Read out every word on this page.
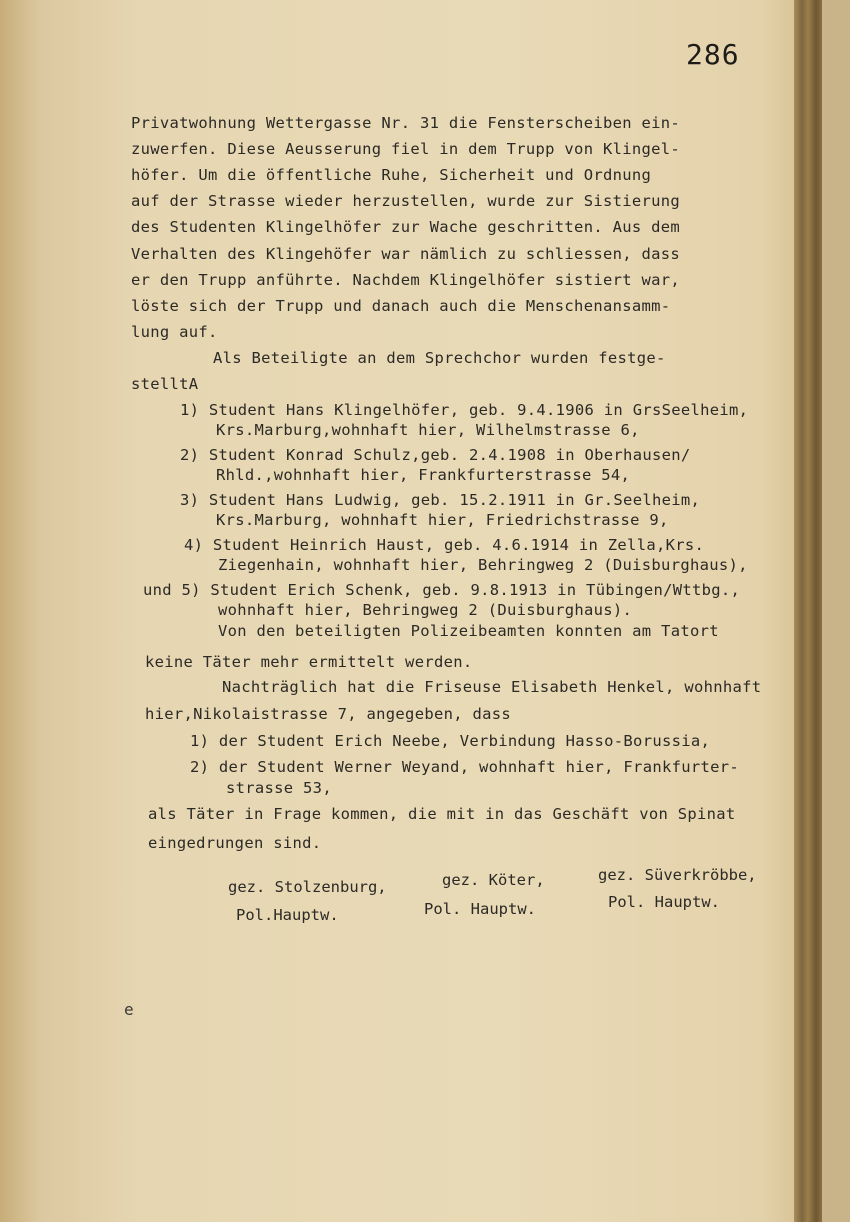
286
Privatwohnung Wettergasse Nr. 31 die Fensterscheiben ein-
zuwerfen. Diese Aeusserung fiel in dem Trupp von Klingel-
höfer. Um die öffentliche Ruhe, Sicherheit und Ordnung
auf der Strasse wieder herzustellen, wurde zur Sistierung
des Studenten Klingelhöfer zur Wache geschritten. Aus dem
Verhalten des Klingehöfer war nämlich zu schliessen, dass
er den Trupp anführte. Nachdem Klingelhöfer sistiert war,
löste sich der Trupp und danach auch die Menschenansamm-
lung auf.
Als Beteiligte an dem Sprechchor wurden festge-
stelltA
1) Student Hans Klingelhöfer, geb. 9.4.1906 in GrsSeelheim,
Krs.Marburg,wohnhaft hier, Wilhelmstrasse 6,
2) Student Konrad Schulz,geb. 2.4.1908 in Oberhausen/
Rhld.,wohnhaft hier, Frankfurterstrasse 54,
3) Student Hans Ludwig, geb. 15.2.1911 in Gr.Seelheim,
Krs.Marburg, wohnhaft hier, Friedrichstrasse 9,
4) Student Heinrich Haust, geb. 4.6.1914 in Zella,Krs.
Ziegenhain, wohnhaft hier, Behringweg 2 (Duisburghaus),
und 5) Student Erich Schenk, geb. 9.8.1913 in Tübingen/Wttbg.,
wohnhaft hier, Behringweg 2 (Duisburghaus).
Von den beteiligten Polizeibeamten konnten am Tatort
keine Täter mehr ermittelt werden.
Nachträglich hat die Friseuse Elisabeth Henkel, wohnhaft
hier,Nikolaistrasse 7, angegeben, dass
1) der Student Erich Neebe, Verbindung Hasso-Borussia,
2) der Student Werner Weyand, wohnhaft hier, Frankfurter-
strasse 53,
als Täter in Frage kommen, die mit in das Geschäft von Spinat
eingedrungen sind.
gez. Stolzenburg,
Pol.Hauptw.
gez. Köter,
Pol. Hauptw.
gez. Süverkröbbe,
Pol. Hauptw.
e
